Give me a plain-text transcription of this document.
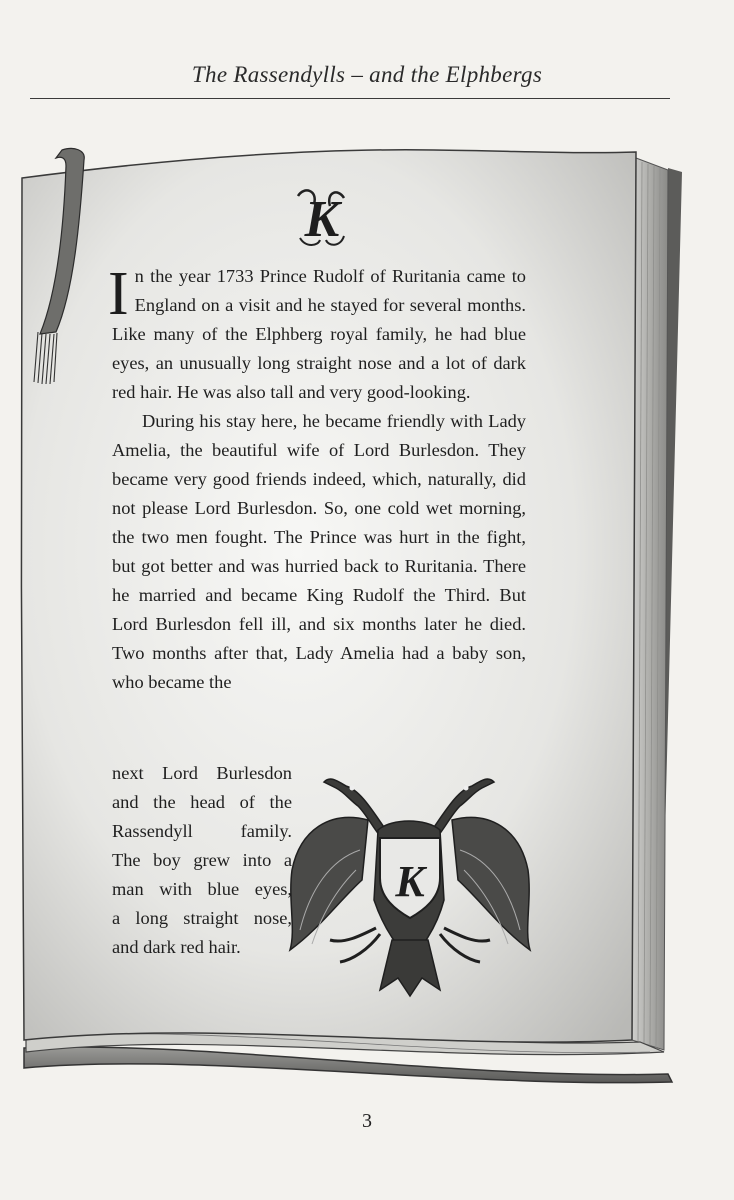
The Rassendylls – and the Elphbergs
K
K

In the year 1733 Prince Rudolf of Ruritania came to England on a visit and he stayed for several months. Like many of the Elphberg royal family, he had blue eyes, an unusually long straight nose and a lot of dark red hair. He was also tall and very good-looking.

During his stay here, he became friendly with Lady Amelia, the beautiful wife of Lord Burlesdon. They became very good friends indeed, which, naturally, did not please Lord Burlesdon. So, one cold wet morning, the two men fought. The Prince was hurt in the fight, but got better and was hurried back to Ruritania. There he married and became King Rudolf the Third. But Lord Burlesdon fell ill, and six months later he died. Two months after that, Lady Amelia had a baby son, who became the

next Lord Burlesdon
and the head of the
Rassendyll family.
The boy grew into a
man with blue eyes,
a long straight nose,
and dark red hair.
3
